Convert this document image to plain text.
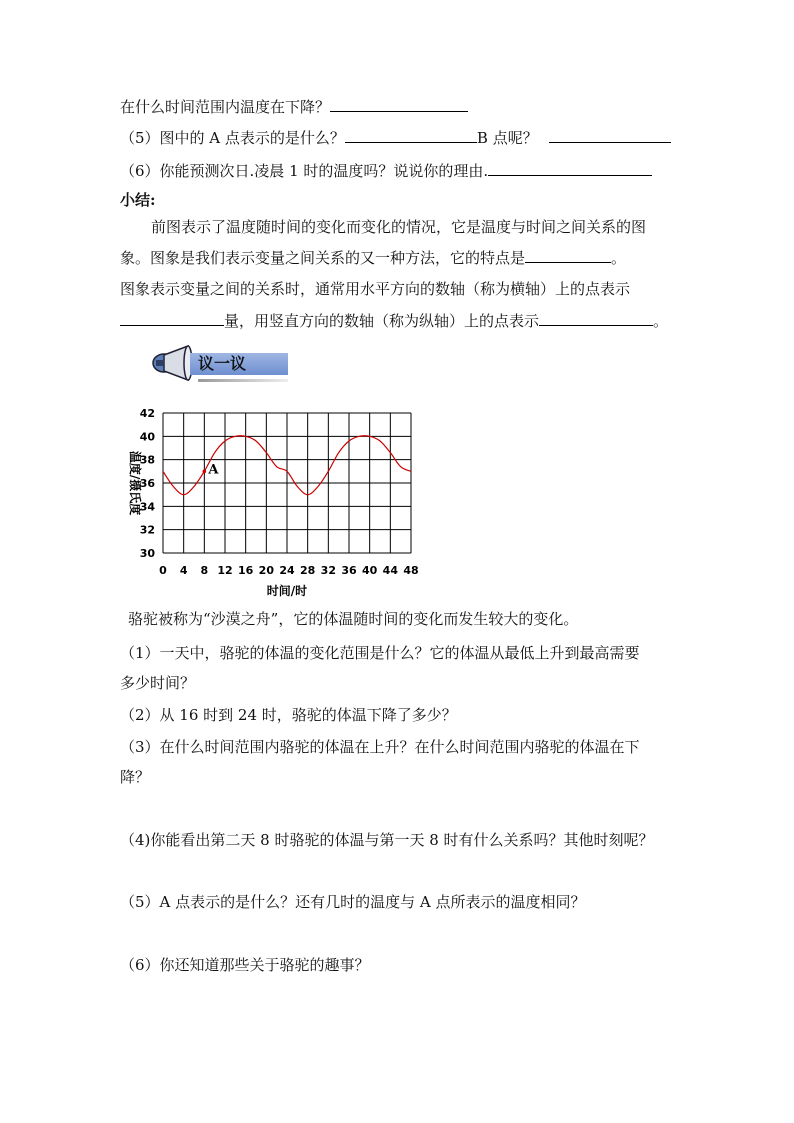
在什么时间范围内温度在下降？
（5）图中的 A 点表示的是什么？	B 点呢？
（6）你能预测次日.凌晨 1 时的温度吗？说说你的理由.
小结:
前图表示了温度随时间的变化而变化的情况，它是温度与时间之间关系的图
象。图象是我们表示变量之间关系的又一种方法，它的特点是	。
图象表示变量之间的关系时，通常用水平方向的数轴（称为横轴）上的点表示
量，用竖直方向的数轴（称为纵轴）上的点表示	。
议一议
30
32
34
36
38
40
42
0 4 8 12 16 20 24 28 32 36 40 44 48
时间/时
温度/摄氏度	A
骆驼被称为“沙漠之舟”，它的体温随时间的变化而发生较大的变化。
（1）一天中，骆驼的体温的变化范围是什么？它的体温从最低上升到最高需要
多少时间？
（2）从 16 时到 24 时，骆驼的体温下降了多少？
（3）在什么时间范围内骆驼的体温在上升？在什么时间范围内骆驼的体温在下
降？
（4)你能看出第二天 8 时骆驼的体温与第一天 8 时有什么关系吗？其他时刻呢？
（5）A 点表示的是什么？还有几时的温度与 A 点所表示的温度相同？
（6）你还知道那些关于骆驼的趣事？
